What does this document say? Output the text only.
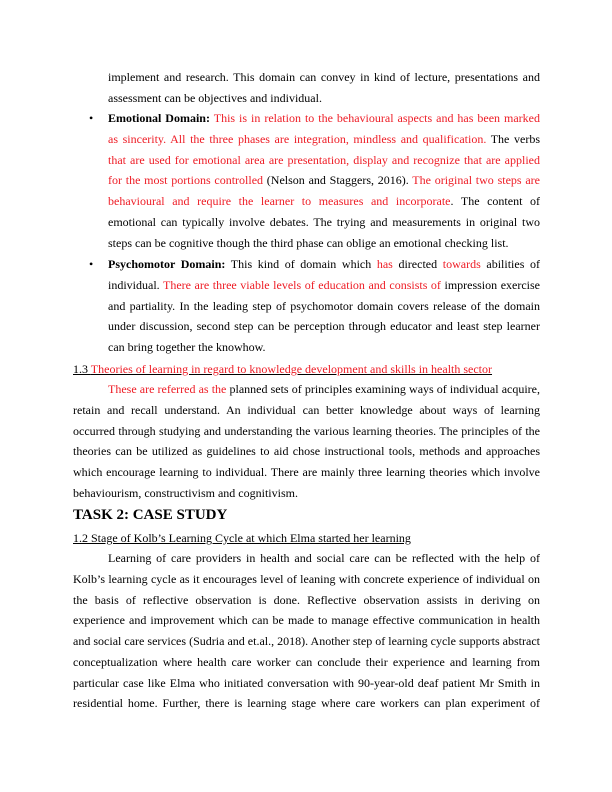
implement and research. This domain can convey in kind of lecture, presentations and
assessment can be objectives and individual.
• Emotional Domain: This is in relation to the behavioural aspects and has been marked
as sincerity. All the three phases are integration, mindless and qualification. The verbs
that are used for emotional area are presentation, display and recognize that are applied
for the most portions controlled (Nelson and Staggers, 2016). The original two steps are
behavioural and require the learner to measures and incorporate. The content of
emotional can typically involve debates. The trying and measurements in original two
steps can be cognitive though the third phase can oblige an emotional checking list.
• Psychomotor Domain: This kind of domain which has directed towards abilities of
individual. There are three viable levels of education and consists of impression exercise
and partiality. In the leading step of psychomotor domain covers release of the domain
under discussion, second step can be perception through educator and least step learner
can bring together the knowhow.
1.3 Theories of learning in regard to knowledge development and skills in health sector
These are referred as the planned sets of principles examining ways of individual acquire,
retain and recall understand. An individual can better knowledge about ways of learning
occurred through studying and understanding the various learning theories. The principles of the
theories can be utilized as guidelines to aid chose instructional tools, methods and approaches
which encourage learning to individual. There are mainly three learning theories which involve
behaviourism, constructivism and cognitivism.
TASK 2: CASE STUDY
1.2 Stage of Kolb’s Learning Cycle at which Elma started her learning
Learning of care providers in health and social care can be reflected with the help of
Kolb’s learning cycle as it encourages level of leaning with concrete experience of individual on
the basis of reflective observation is done. Reflective observation assists in deriving on
experience and improvement which can be made to manage effective communication in health
and social care services (Sudria and et.al., 2018). Another step of learning cycle supports abstract
conceptualization where health care worker can conclude their experience and learning from
particular case like Elma who initiated conversation with 90-year-old deaf patient Mr Smith in
residential home. Further, there is learning stage where care workers can plan experiment of
